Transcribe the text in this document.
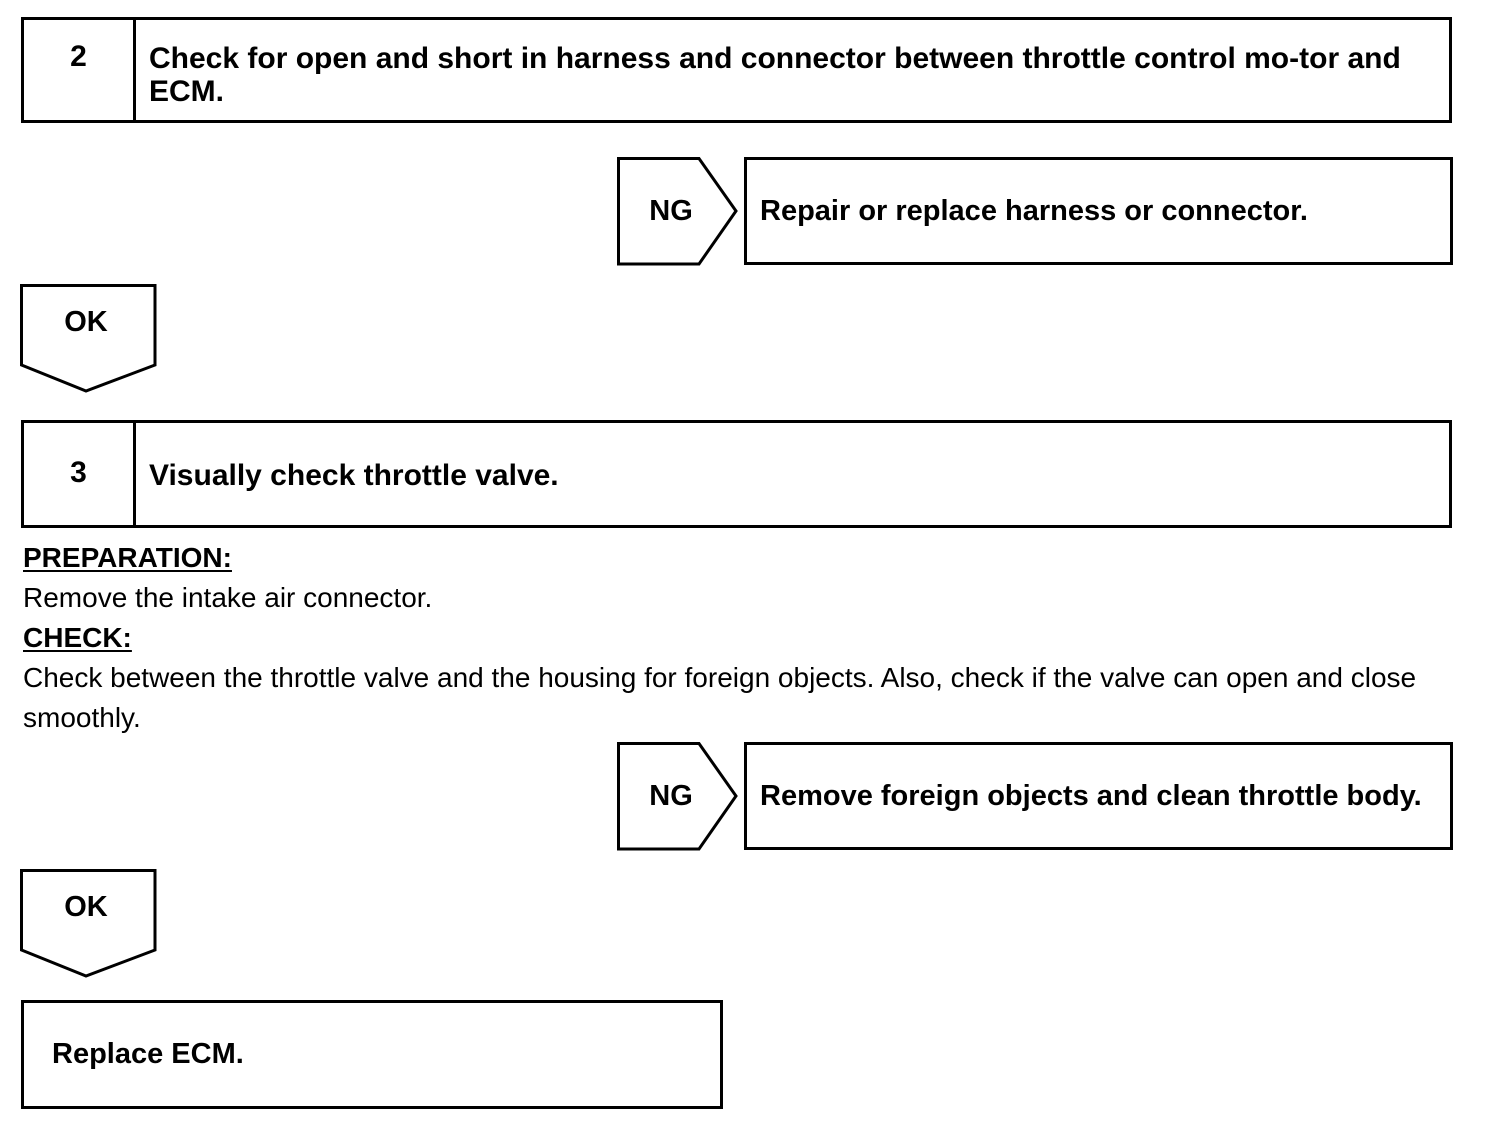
2	Check for open and short in harness and connector between throttle control mo-tor and ECM.
NG	Repair or replace harness or connector.
OK
3	Visually check throttle valve.
PREPARATION:
Remove the intake air connector.
CHECK:
Check between the throttle valve and the housing for foreign objects. Also, check if the valve can open and close smoothly.
NG	Remove foreign objects and clean throttle body.
OK
Replace ECM.
